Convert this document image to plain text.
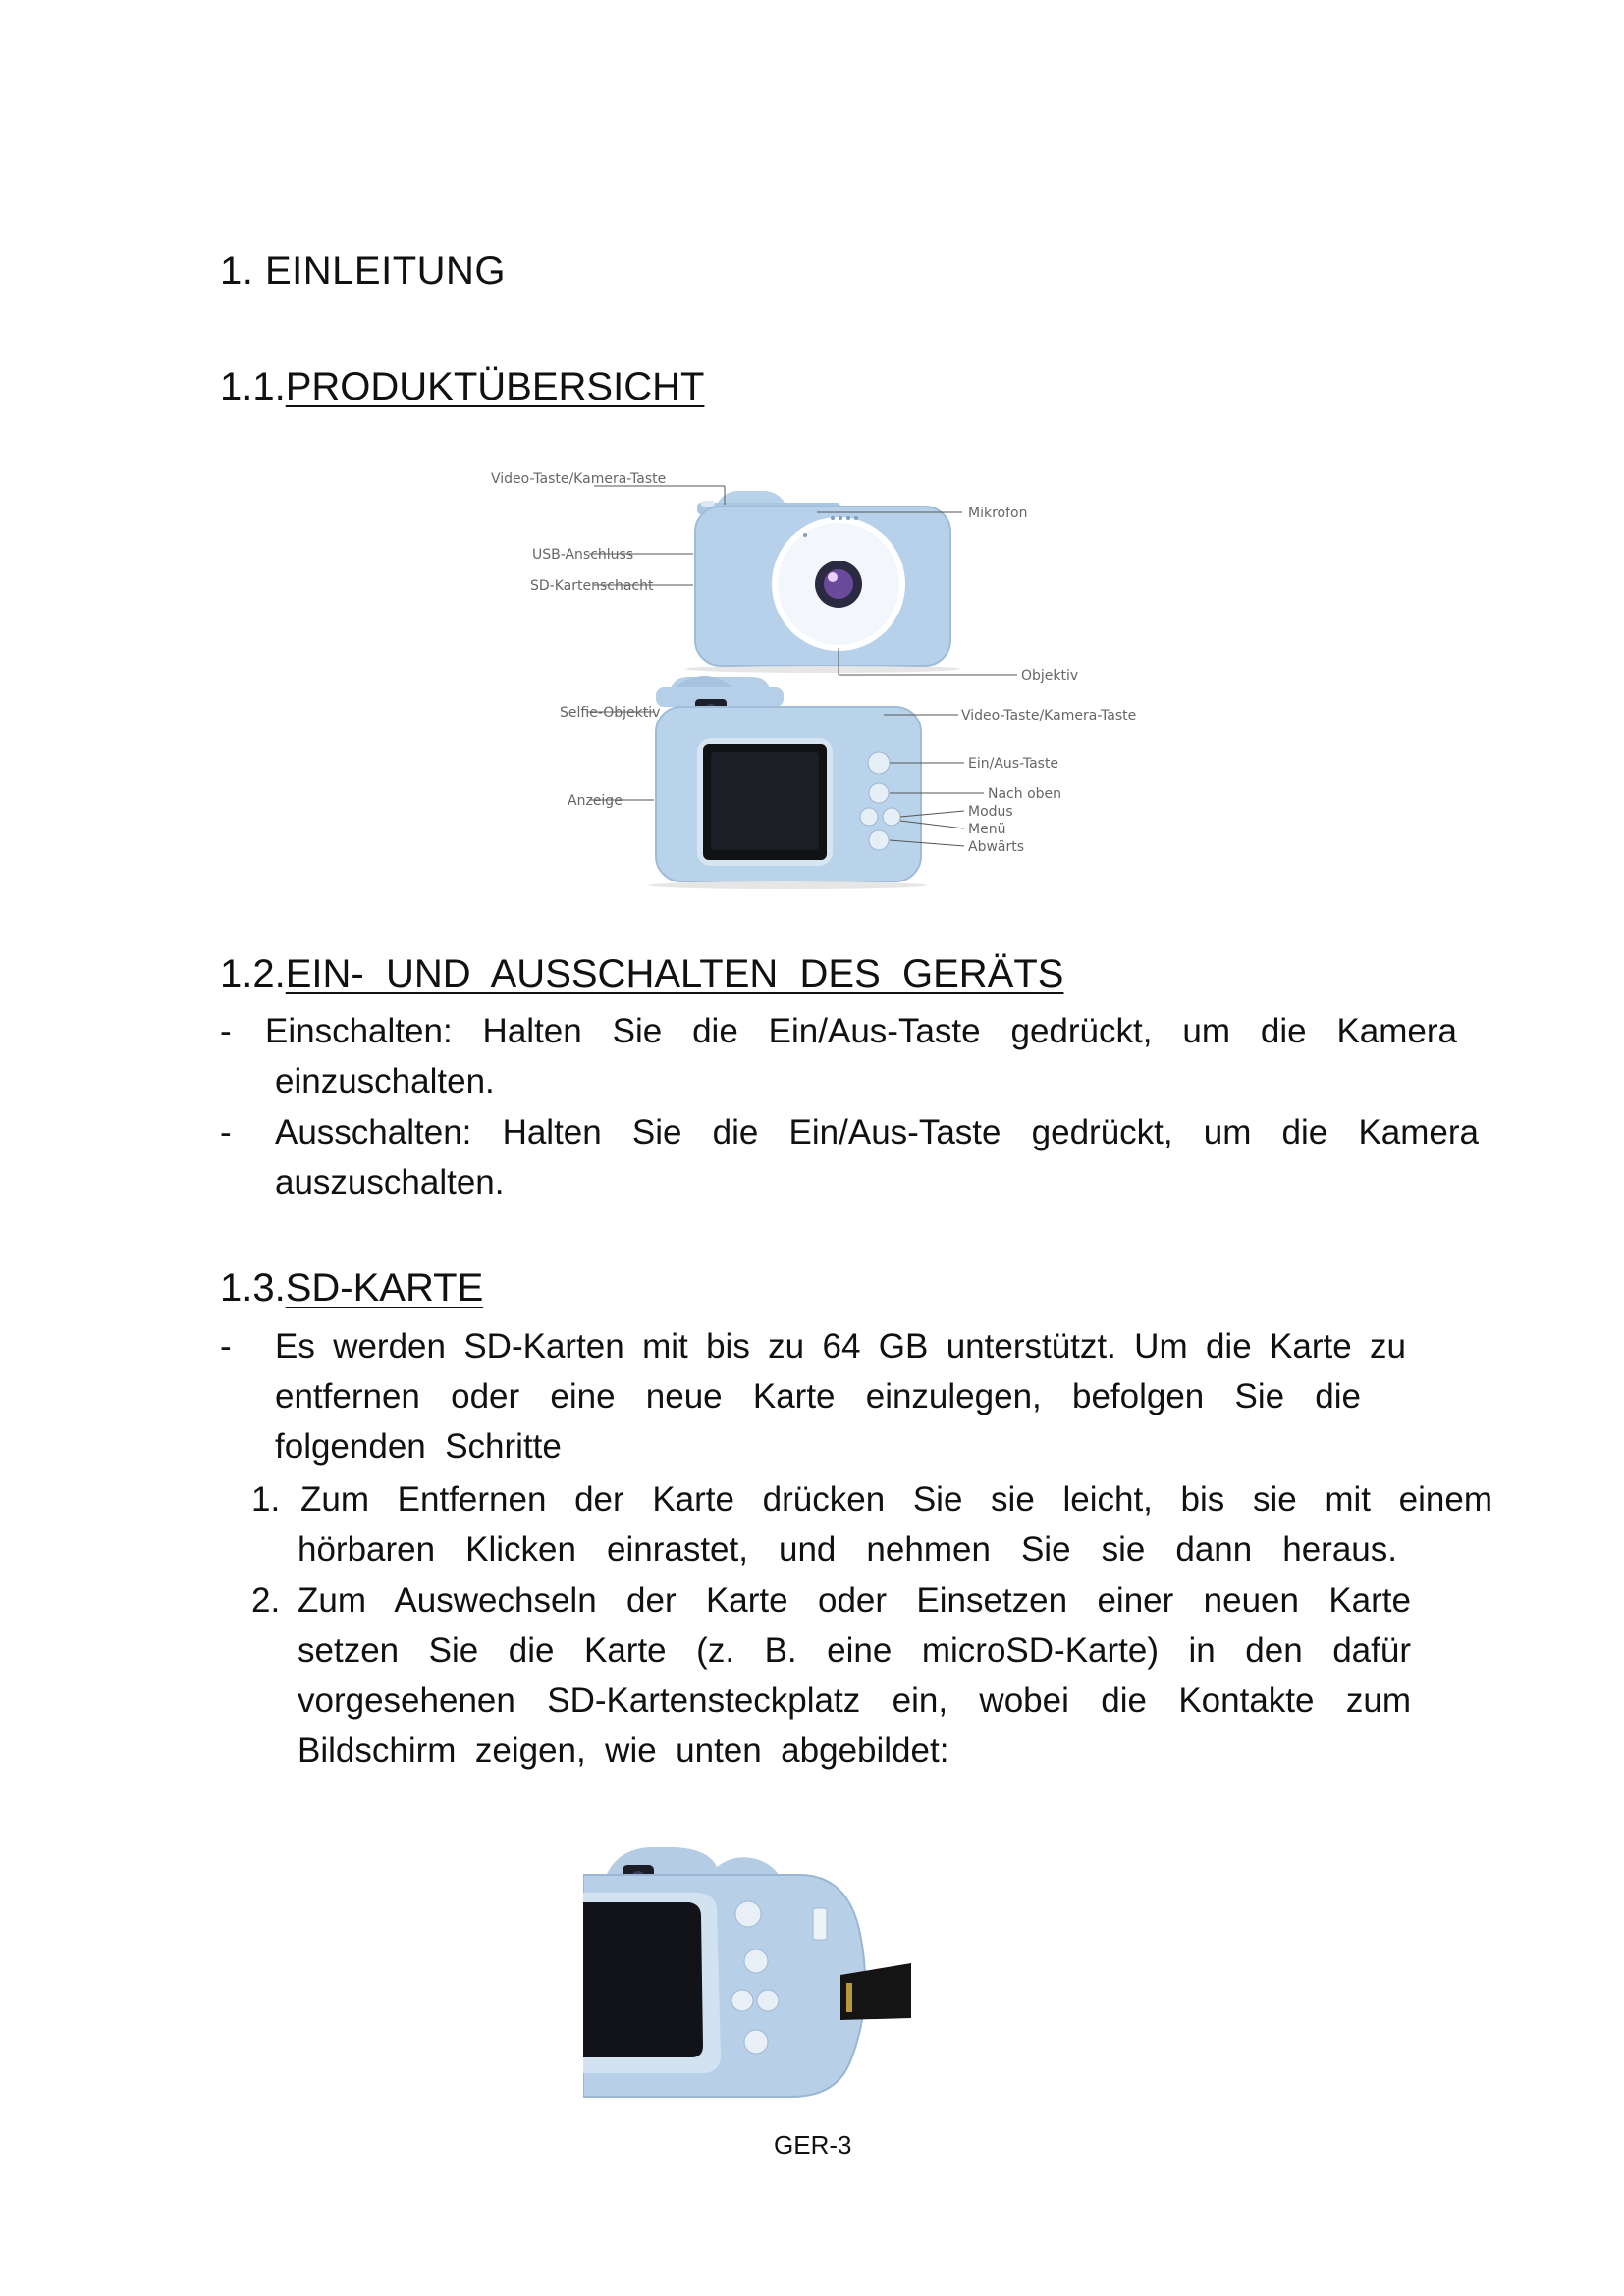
1. EINLEITUNG
1.1.PRODUKTÜBERSICHT
Video-Taste/Kamera-Taste
Mikrofon
USB-Anschluss
SD-Kartenschacht
Objektiv
Selfie-Objektiv	Video-Taste/Kamera-Taste
Ein/Aus-Taste
Anzeige	Nach oben
Modus
Menü
Abwärts
1.2.EIN-  UND  AUSSCHALTEN  DES  GERÄTS
- Einschalten: Halten Sie die Ein/Aus-Taste gedrückt, um die Kamera
einzuschalten.
- Ausschalten: Halten Sie die Ein/Aus-Taste gedrückt, um die Kamera
auszuschalten.
1.3.SD-KARTE
- Es werden SD-Karten mit bis zu 64 GB unterstützt. Um die Karte zu
entfernen oder eine neue Karte einzulegen, befolgen Sie die
folgenden  Schritte
1. Zum Entfernen der Karte drücken Sie sie leicht, bis sie mit einem
hörbaren Klicken einrastet, und nehmen Sie sie dann heraus.
2. Zum Auswechseln der Karte oder Einsetzen einer neuen Karte
setzen Sie die Karte (z. B. eine microSD-Karte) in den dafür
vorgesehenen SD-Kartensteckplatz ein, wobei die Kontakte zum
Bildschirm  zeigen,  wie  unten  abgebildet:
GER-3
